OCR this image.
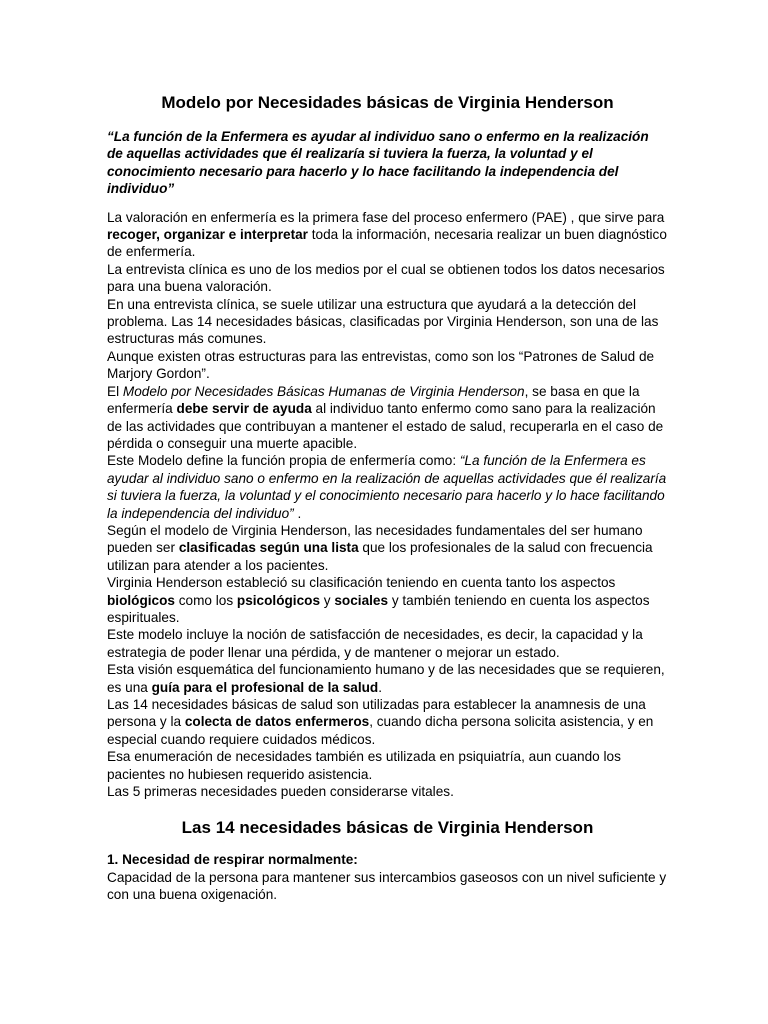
Modelo por Necesidades básicas de Virginia Henderson

“La función de la Enfermera es ayudar al individuo sano o enfermo en la realización de aquellas actividades que él realizaría si tuviera la fuerza, la voluntad y el conocimiento necesario para hacerlo y lo hace facilitando la independencia del individuo”

La valoración en enfermería es la primera fase del proceso enfermero (PAE) , que sirve para recoger, organizar e interpretar toda la información, necesaria realizar un buen diagnóstico de enfermería.

La entrevista clínica es uno de los medios por el cual se obtienen todos los datos necesarios para una buena valoración.

En una entrevista clínica, se suele utilizar una estructura que ayudará a la detección del problema. Las 14 necesidades básicas, clasificadas por Virginia Henderson, son una de las estructuras más comunes.

Aunque existen otras estructuras para las entrevistas, como son los “Patrones de Salud de Marjory Gordon”.

El Modelo por Necesidades Básicas Humanas de Virginia Henderson, se basa en que la enfermería debe servir de ayuda al individuo tanto enfermo como sano para la realización de las actividades que contribuyan a mantener el estado de salud, recuperarla en el caso de pérdida o conseguir una muerte apacible.

Este Modelo define la función propia de enfermería como: “La función de la Enfermera es ayudar al individuo sano o enfermo en la realización de aquellas actividades que él realizaría si tuviera la fuerza, la voluntad y el conocimiento necesario para hacerlo y lo hace facilitando la independencia del individuo” .

Según el modelo de Virginia Henderson, las necesidades fundamentales del ser humano pueden ser clasificadas según una lista que los profesionales de la salud con frecuencia utilizan para atender a los pacientes.

Virginia Henderson estableció su clasificación teniendo en cuenta tanto los aspectos biológicos como los psicológicos y sociales y también teniendo en cuenta los aspectos espirituales.

Este modelo incluye la noción de satisfacción de necesidades, es decir, la capacidad y la estrategia de poder llenar una pérdida, y de mantener o mejorar un estado.

Esta visión esquemática del funcionamiento humano y de las necesidades que se requieren, es una guía para el profesional de la salud.

Las 14 necesidades básicas de salud son utilizadas para establecer la anamnesis de una persona y la colecta de datos enfermeros, cuando dicha persona solicita asistencia, y en especial cuando requiere cuidados médicos.

Esa enumeración de necesidades también es utilizada en psiquiatría, aun cuando los pacientes no hubiesen requerido asistencia.

Las 5 primeras necesidades pueden considerarse vitales.

Las 14 necesidades básicas de Virginia Henderson

1. Necesidad de respirar normalmente:

Capacidad de la persona para mantener sus intercambios gaseosos con un nivel suficiente y con una buena oxigenación.
